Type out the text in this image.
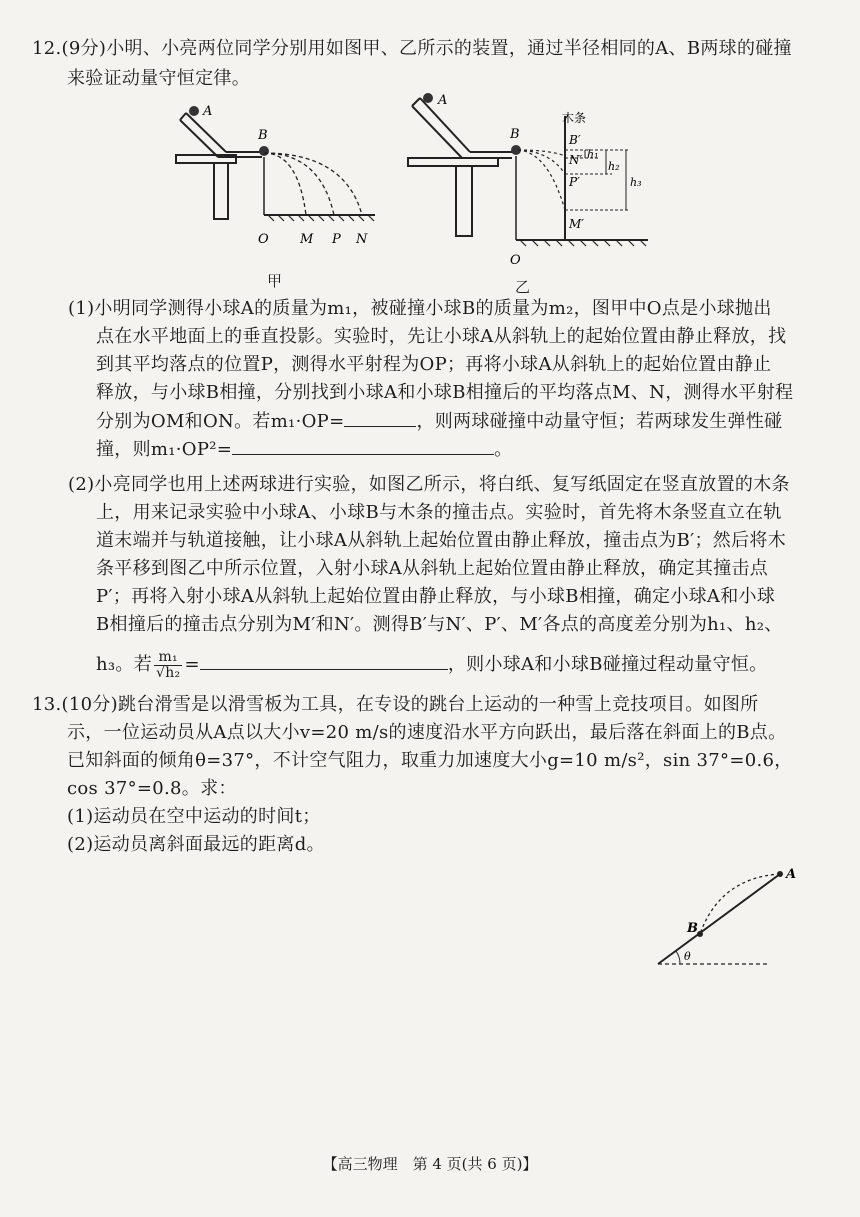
12.(9分)小明、小亮两位同学分别用如图甲、乙所示的装置，通过半径相同的A、B两球的碰撞
来验证动量守恒定律。
A
B
O M P N
甲
A
B
木条
B′
N′
P′
M′
h₁
h₂
h₃
O
乙
(1)小明同学测得小球A的质量为m₁，被碰撞小球B的质量为m₂，图甲中O点是小球抛出
点在水平地面上的垂直投影。实验时，先让小球A从斜轨上的起始位置由静止释放，找
到其平均落点的位置P，测得水平射程为OP；再将小球A从斜轨上的起始位置由静止
释放，与小球B相撞，分别找到小球A和小球B相撞后的平均落点M、N，测得水平射程
分别为OM和ON。若m₁·OP=	，则两球碰撞中动量守恒；若两球发生弹性碰
撞，则m₁·OP²=	。
(2)小亮同学也用上述两球进行实验，如图乙所示，将白纸、复写纸固定在竖直放置的木条
上，用来记录实验中小球A、小球B与木条的撞击点。实验时，首先将木条竖直立在轨
道末端并与轨道接触，让小球A从斜轨上起始位置由静止释放，撞击点为B′；然后将木
条平移到图乙中所示位置，入射小球A从斜轨上起始位置由静止释放，确定其撞击点
P′；再将入射小球A从斜轨上起始位置由静止释放，与小球B相撞，确定小球A和小球
B相撞后的撞击点分别为M′和N′。测得B′与N′、P′、M′各点的高度差分别为h₁、h₂、
h₃。若 $\frac{\text{m₁}}{\text{√h₂}}$ =	，则小球A和小球B碰撞过程动量守恒。
13.(10分)跳台滑雪是以滑雪板为工具，在专设的跳台上运动的一种雪上竞技项目。如图所
示，一位运动员从A点以大小v=20 m/s的速度沿水平方向跃出，最后落在斜面上的B点。
已知斜面的倾角θ=37°，不计空气阻力，取重力加速度大小g=10 m/s²，sin 37°=0.6，
cos 37°=0.8。求：
(1)运动员在空中运动的时间t；
(2)运动员离斜面最远的距离d。
A
B
θ
【高三物理　第 4 页(共 6 页)】
